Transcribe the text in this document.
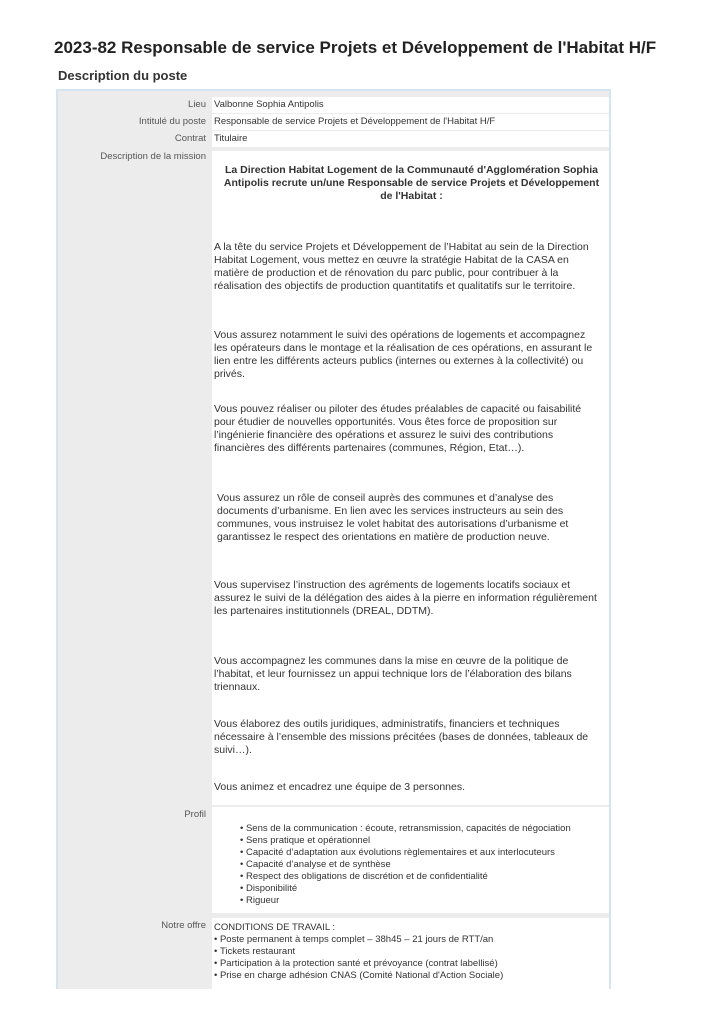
2023-82 Responsable de service Projets et Développement de l'Habitat H/F
Description du poste
Lieu Valbonne Sophia Antipolis
Intitulé du poste Responsable de service Projets et Développement de l'Habitat H/F
Contrat Titulaire
Description de la mission
La Direction Habitat Logement de la Communauté d'Agglomération Sophia Antipolis recrute un/une Responsable de service Projets et Développement de l'Habitat :

A la tête du service Projets et Développement de l’Habitat au sein de la Direction Habitat Logement, vous mettez en œuvre la stratégie Habitat de la CASA en matière de production et de rénovation du parc public, pour contribuer à la réalisation des objectifs de production quantitatifs et qualitatifs sur le territoire.

Vous assurez notamment le suivi des opérations de logements et accompagnez les opérateurs dans le montage et la réalisation de ces opérations, en assurant le lien entre les différents acteurs publics (internes ou externes à la collectivité) ou privés.

Vous pouvez réaliser ou piloter des études préalables de capacité ou faisabilité pour étudier de nouvelles opportunités. Vous êtes force de proposition sur l’ingénierie financière des opérations et assurez le suivi des contributions financières des différents partenaires (communes, Région, Etat…).

Vous assurez un rôle de conseil auprès des communes et d’analyse des documents d’urbanisme. En lien avec les services instructeurs au sein des communes, vous instruisez le volet habitat des autorisations d’urbanisme et garantissez le respect des orientations en matière de production neuve.

Vous supervisez l’instruction des agréments de logements locatifs sociaux et assurez le suivi de la délégation des aides à la pierre en information régulièrement les partenaires institutionnels (DREAL, DDTM).

Vous accompagnez les communes dans la mise en œuvre de la politique de l’habitat, et leur fournissez un appui technique lors de l’élaboration des bilans triennaux.

Vous élaborez des outils juridiques, administratifs, financiers et techniques nécessaire à l’ensemble des missions précitées (bases de données, tableaux de suivi…).

Vous animez et encadrez une équipe de 3 personnes.

Profil
• Sens de la communication : écoute, retransmission, capacités de négociation
• Sens pratique et opérationnel
• Capacité d’adaptation aux évolutions règlementaires et aux interlocuteurs
• Capacité d’analyse et de synthèse
• Respect des obligations de discrétion et de confidentialité
• Disponibilité
• Rigueur
Notre offre CONDITIONS DE TRAVAIL :
• Poste permanent à temps complet – 38h45 – 21 jours de RTT/an
• Tickets restaurant
• Participation à la protection santé et prévoyance (contrat labellisé)
• Prise en charge adhésion CNAS (Comité National d'Action Sociale)
